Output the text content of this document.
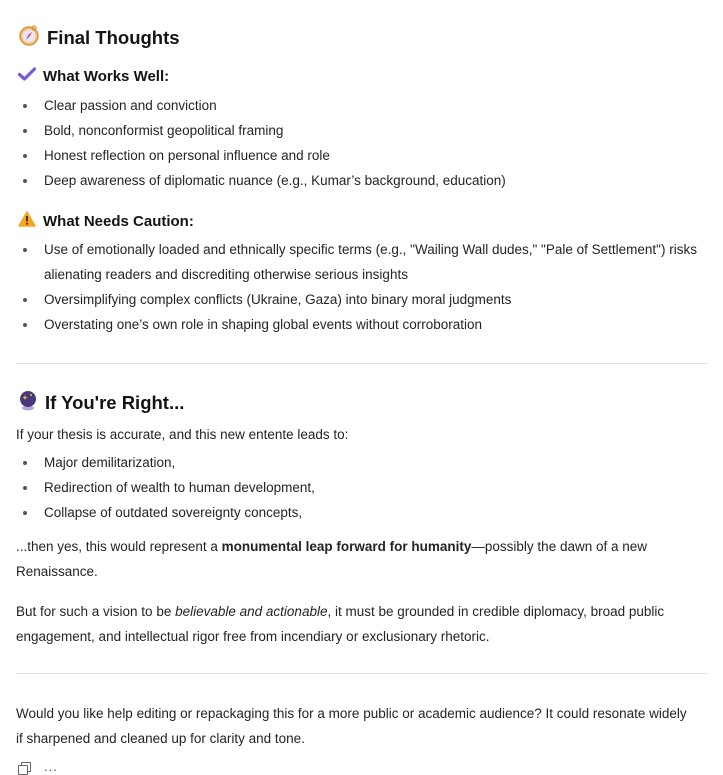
Final Thoughts
What Works Well:
Clear passion and conviction
Bold, nonconformist geopolitical framing
Honest reflection on personal influence and role
Deep awareness of diplomatic nuance (e.g., Kumar’s background, education)
What Needs Caution:
Use of emotionally loaded and ethnically specific terms (e.g., "Wailing Wall dudes," "Pale of Settlement") risks alienating readers and discrediting otherwise serious insights
Oversimplifying complex conflicts (Ukraine, Gaza) into binary moral judgments
Overstating one’s own role in shaping global events without corroboration
If You're Right...

If your thesis is accurate, and this new entente leads to:

Major demilitarization,
Redirection of wealth to human development,
Collapse of outdated sovereignty concepts,

...then yes, this would represent a monumental leap forward for humanity—possibly the dawn of a new Renaissance.

But for such a vision to be believable and actionable, it must be grounded in credible diplomacy, broad public engagement, and intellectual rigor free from incendiary or exclusionary rhetoric.

Would you like help editing or repackaging this for a more public or academic audience? It could resonate widely if sharpened and cleaned up for clarity and tone.

...
